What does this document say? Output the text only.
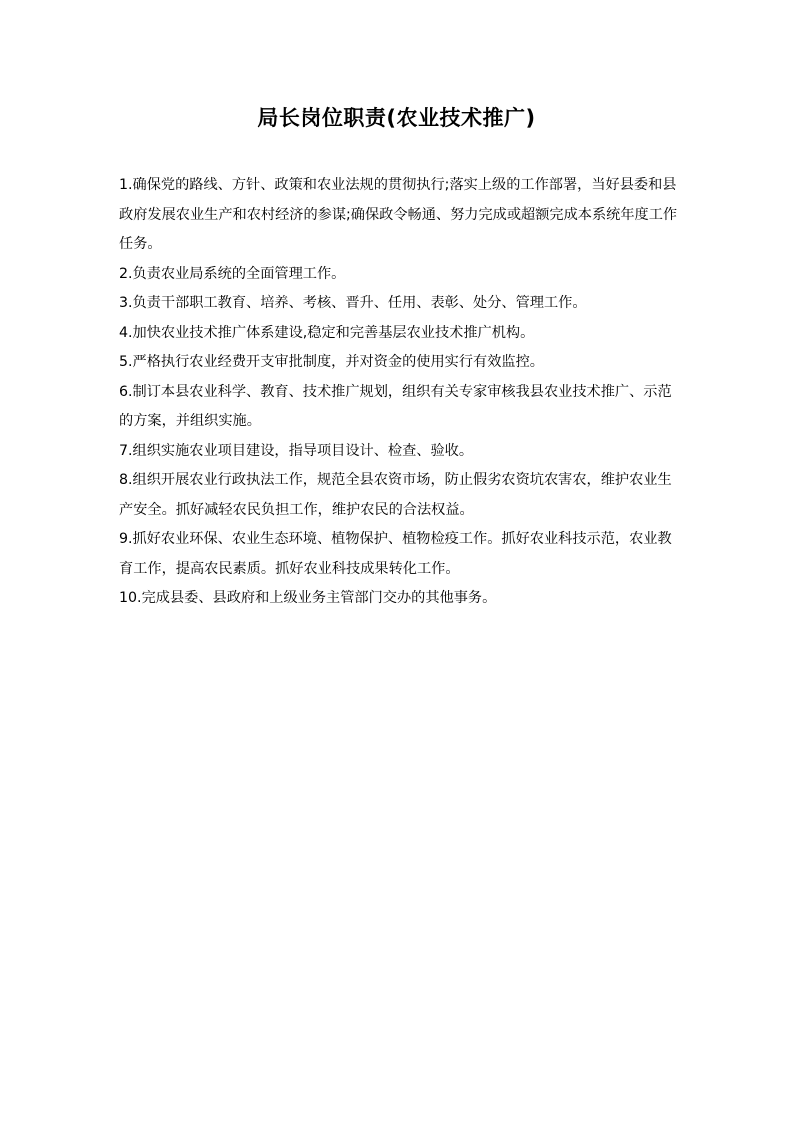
局长岗位职责(农业技术推广)

1.确保党的路线、方针、政策和农业法规的贯彻执行;落实上级的工作部署，当好县委和县政府发展农业生产和农村经济的参谋;确保政令畅通、努力完成或超额完成本系统年度工作任务。

2.负责农业局系统的全面管理工作。

3.负责干部职工教育、培养、考核、晋升、任用、表彰、处分、管理工作。

4.加快农业技术推广体系建设,稳定和完善基层农业技术推广机构。

5.严格执行农业经费开支审批制度，并对资金的使用实行有效监控。

6.制订本县农业科学、教育、技术推广规划，组织有关专家审核我县农业技术推广、示范的方案，并组织实施。

7.组织实施农业项目建设，指导项目设计、检查、验收。

8.组织开展农业行政执法工作，规范全县农资市场，防止假劣农资坑农害农，维护农业生产安全。抓好减轻农民负担工作，维护农民的合法权益。

9.抓好农业环保、农业生态环境、植物保护、植物检疫工作。抓好农业科技示范，农业教育工作，提高农民素质。抓好农业科技成果转化工作。

10.完成县委、县政府和上级业务主管部门交办的其他事务。
